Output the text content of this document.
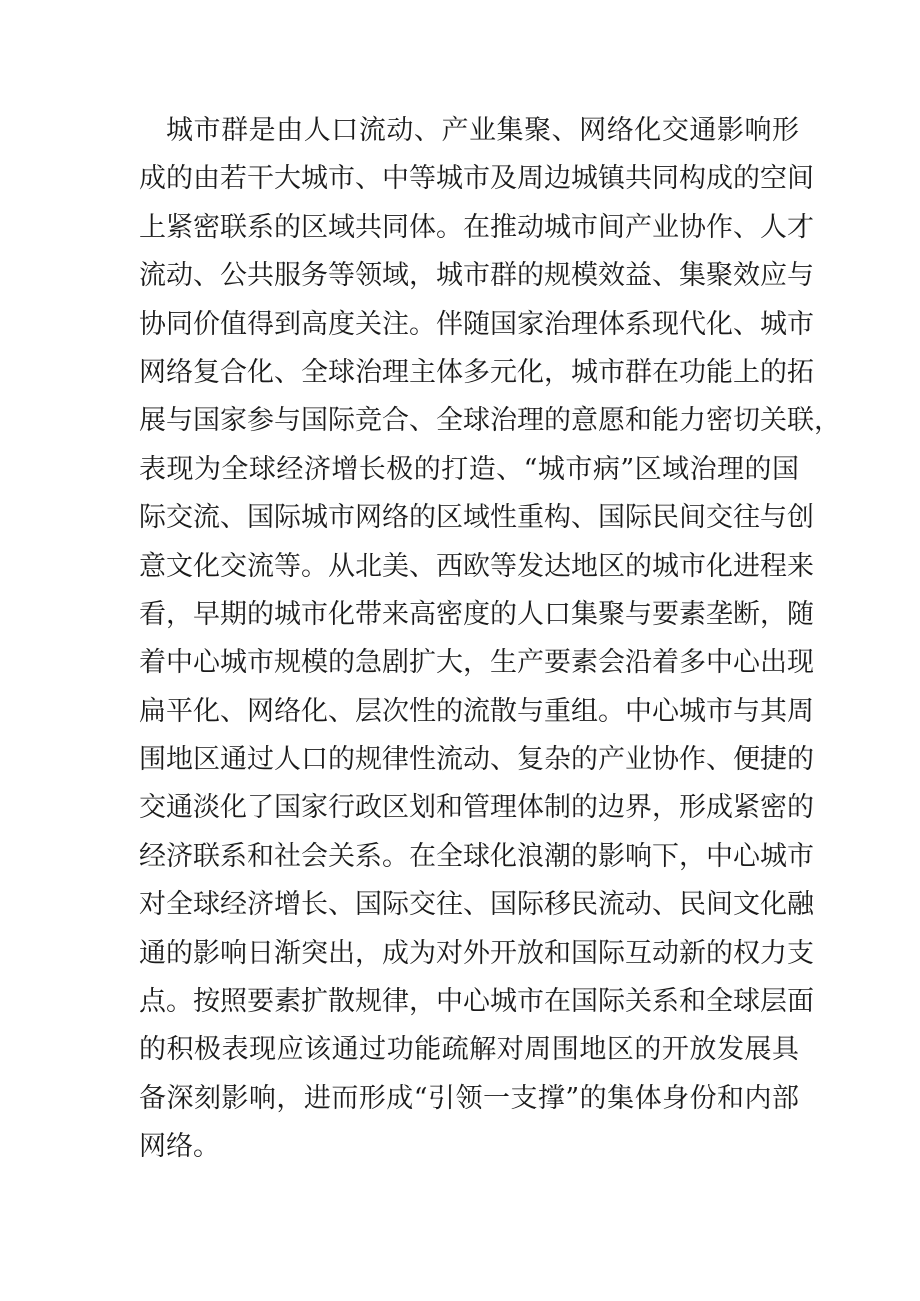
城市群是由人口流动、产业集聚、网络化交通影响形
成的由若干大城市、中等城市及周边城镇共同构成的空间
上紧密联系的区域共同体。在推动城市间产业协作、人才
流动、公共服务等领域，城市群的规模效益、集聚效应与
协同价值得到高度关注。伴随国家治理体系现代化、城市
网络复合化、全球治理主体多元化，城市群在功能上的拓
展与国家参与国际竞合、全球治理的意愿和能力密切关联，
表现为全球经济增长极的打造、“城市病”区域治理的国
际交流、国际城市网络的区域性重构、国际民间交往与创
意文化交流等。从北美、西欧等发达地区的城市化进程来
看，早期的城市化带来高密度的人口集聚与要素垄断，随
着中心城市规模的急剧扩大，生产要素会沿着多中心出现
扁平化、网络化、层次性的流散与重组。中心城市与其周
围地区通过人口的规律性流动、复杂的产业协作、便捷的
交通淡化了国家行政区划和管理体制的边界，形成紧密的
经济联系和社会关系。在全球化浪潮的影响下，中心城市
对全球经济增长、国际交往、国际移民流动、民间文化融
通的影响日渐突出，成为对外开放和国际互动新的权力支
点。按照要素扩散规律，中心城市在国际关系和全球层面
的积极表现应该通过功能疏解对周围地区的开放发展具
备深刻影响，进而形成“引领一支撑”的集体身份和内部
网络。
